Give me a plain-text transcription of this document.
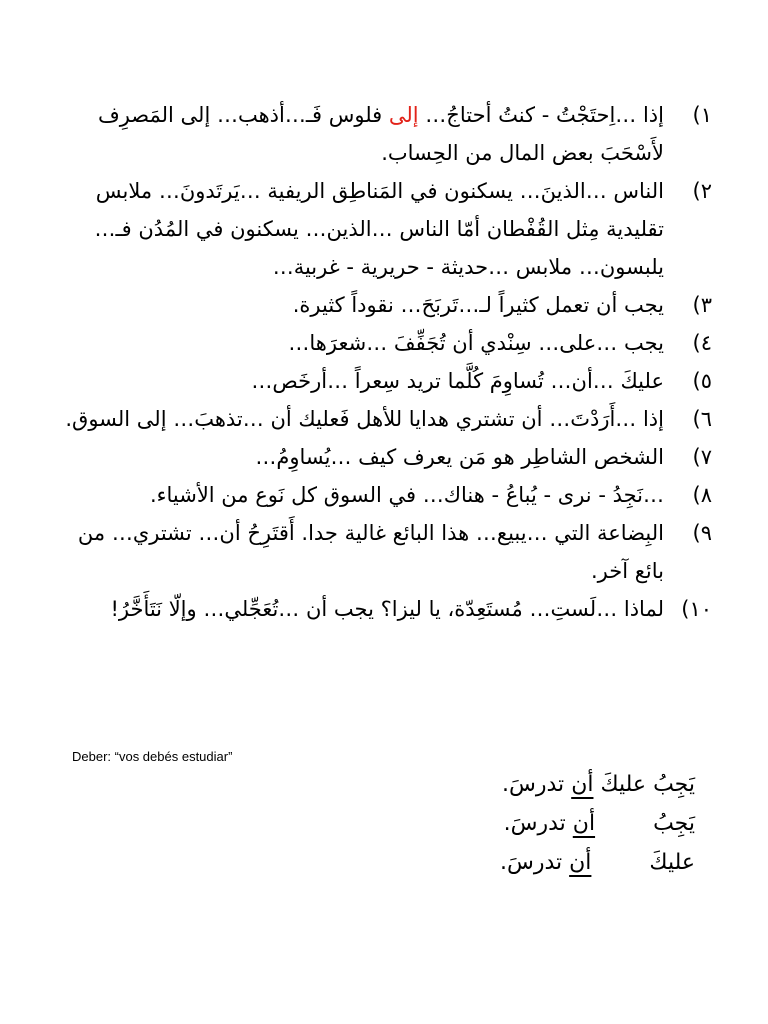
١)
إذا …اِحتَجْتُ - كنتُ أحتاجُ… إلى فلوس فَـ…أذهب… إلى المَصرِف لأَسْحَبَ بعض المال من الحِساب.
٢)
الناس …الذينَ… يسكنون في المَناطِق الريفية …يَرتَدونَ… ملابس تقليدية مِثل القُفْطان أمّا الناس …الذين… يسكنون في المُدُن فـ…يلبسون… ملابس …حديثة - حريرية - غربية…
٣)
يجب أن تعمل كثيراً لـ…تَربَحَ… نقوداً كثيرة.
٤)
يجب …على… سِنْدي أن تُجَفِّفَ …شعرَها…
٥)
عليكَ …أن… تُساوِمَ كُلَّما تريد سِعراً …أرخَص…
٦)
إذا …أَرَدْتَ… أن تشتري هدايا للأهل فَعليك أن …تذهبَ… إلى السوق.
٧)
الشخص الشاطِر هو مَن يعرف كيف …يُساوِمُ…
٨)
…نَجِدُ - نرى - يُباعُ - هناك… في السوق كل نَوع من الأشياء.
٩)
البِضاعة التي …يبيع… هذا البائع غالية جدا. أَقتَرِحُ أن… تشتري… من بائع آخر.
١٠)
لماذا …لَستِ… مُستَعِدّة، يا ليزا؟ يجب أن …تُعَجِّلي… وإلّا نَتَأَخَّرُ!
Deber: “vos debés estudiar”
يَجِبُ عليكَ أن تدرسَ.
يَجِبُ  أن تدرسَ.
عليكَ  أن تدرسَ.
